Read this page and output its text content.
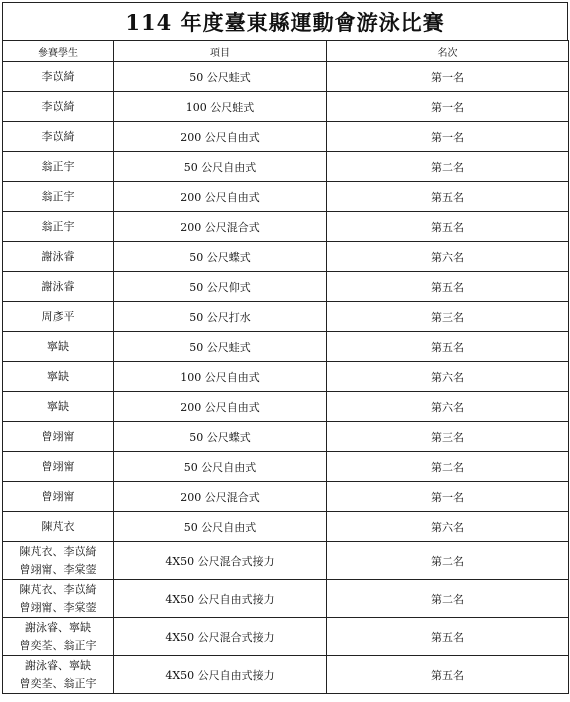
114 年度臺東縣運動會游泳比賽
參賽學生	項目	名次
李苡綺	50 公尺蛙式	第一名
李苡綺	100 公尺蛙式	第一名
李苡綺	200 公尺自由式	第一名
翁正宇	50 公尺自由式	第二名
翁正宇	200 公尺自由式	第五名
翁正宇	200 公尺混合式	第五名
謝泳睿	50 公尺蝶式	第六名
謝泳睿	50 公尺仰式	第五名
周彥平	50 公尺打水	第三名
寧缺	50 公尺蛙式	第五名
寧缺	100 公尺自由式	第六名
寧缺	200 公尺自由式	第六名
曾翊甯	50 公尺蝶式	第三名
曾翊甯	50 公尺自由式	第二名
曾翊甯	200 公尺混合式	第一名
陳芃衣	50 公尺自由式	第六名

陳芃衣、李苡綺
曾翊甯、李棠蓥	4X50 公尺混合式接力	第二名

陳芃衣、李苡綺
曾翊甯、李棠蓥	4X50 公尺自由式接力	第二名

謝泳睿、寧缺
曾奕荃、翁正宇	4X50 公尺混合式接力	第五名

謝泳睿、寧缺
曾奕荃、翁正宇	4X50 公尺自由式接力	第五名
